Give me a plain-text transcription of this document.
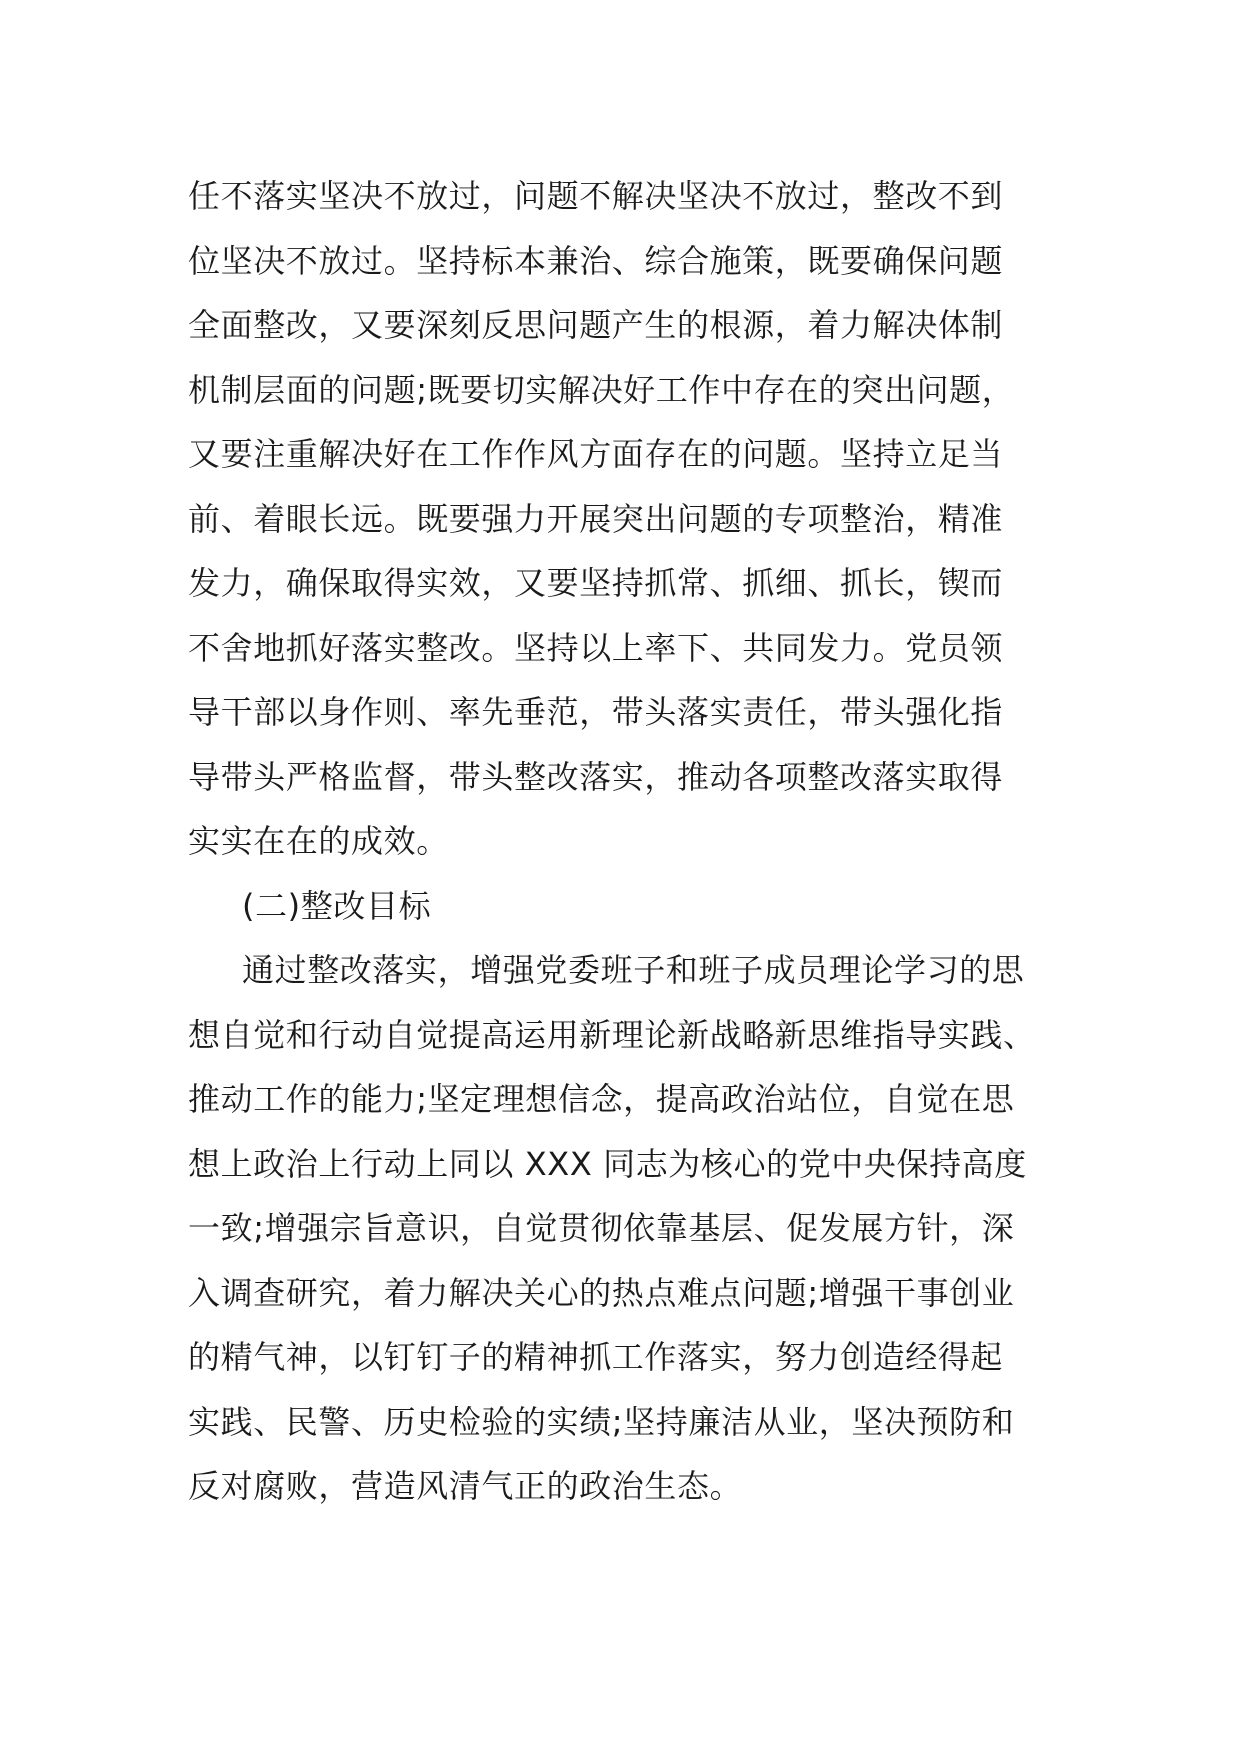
任不落实坚决不放过，问题不解决坚决不放过，整改不到
位坚决不放过。坚持标本兼治、综合施策，既要确保问题
全面整改，又要深刻反思问题产生的根源，着力解决体制
机制层面的问题;既要切实解决好工作中存在的突出问题，
又要注重解决好在工作作风方面存在的问题。坚持立足当
前、着眼长远。既要强力开展突出问题的专项整治，精准
发力，确保取得实效，又要坚持抓常、抓细、抓长，锲而
不舍地抓好落实整改。坚持以上率下、共同发力。党员领
导干部以身作则、率先垂范，带头落实责任，带头强化指
导带头严格监督，带头整改落实，推动各项整改落实取得
实实在在的成效。
(二)整改目标
通过整改落实，增强党委班子和班子成员理论学习的思
想自觉和行动自觉提高运用新理论新战略新思维指导实践、
推动工作的能力;坚定理想信念，提高政治站位，自觉在思
想上政治上行动上同以 XXX 同志为核心的党中央保持高度
一致;增强宗旨意识，自觉贯彻依靠基层、促发展方针，深
入调查研究，着力解决关心的热点难点问题;增强干事创业
的精气神，以钉钉子的精神抓工作落实，努力创造经得起
实践、民警、历史检验的实绩;坚持廉洁从业，坚决预防和
反对腐败，营造风清气正的政治生态。
